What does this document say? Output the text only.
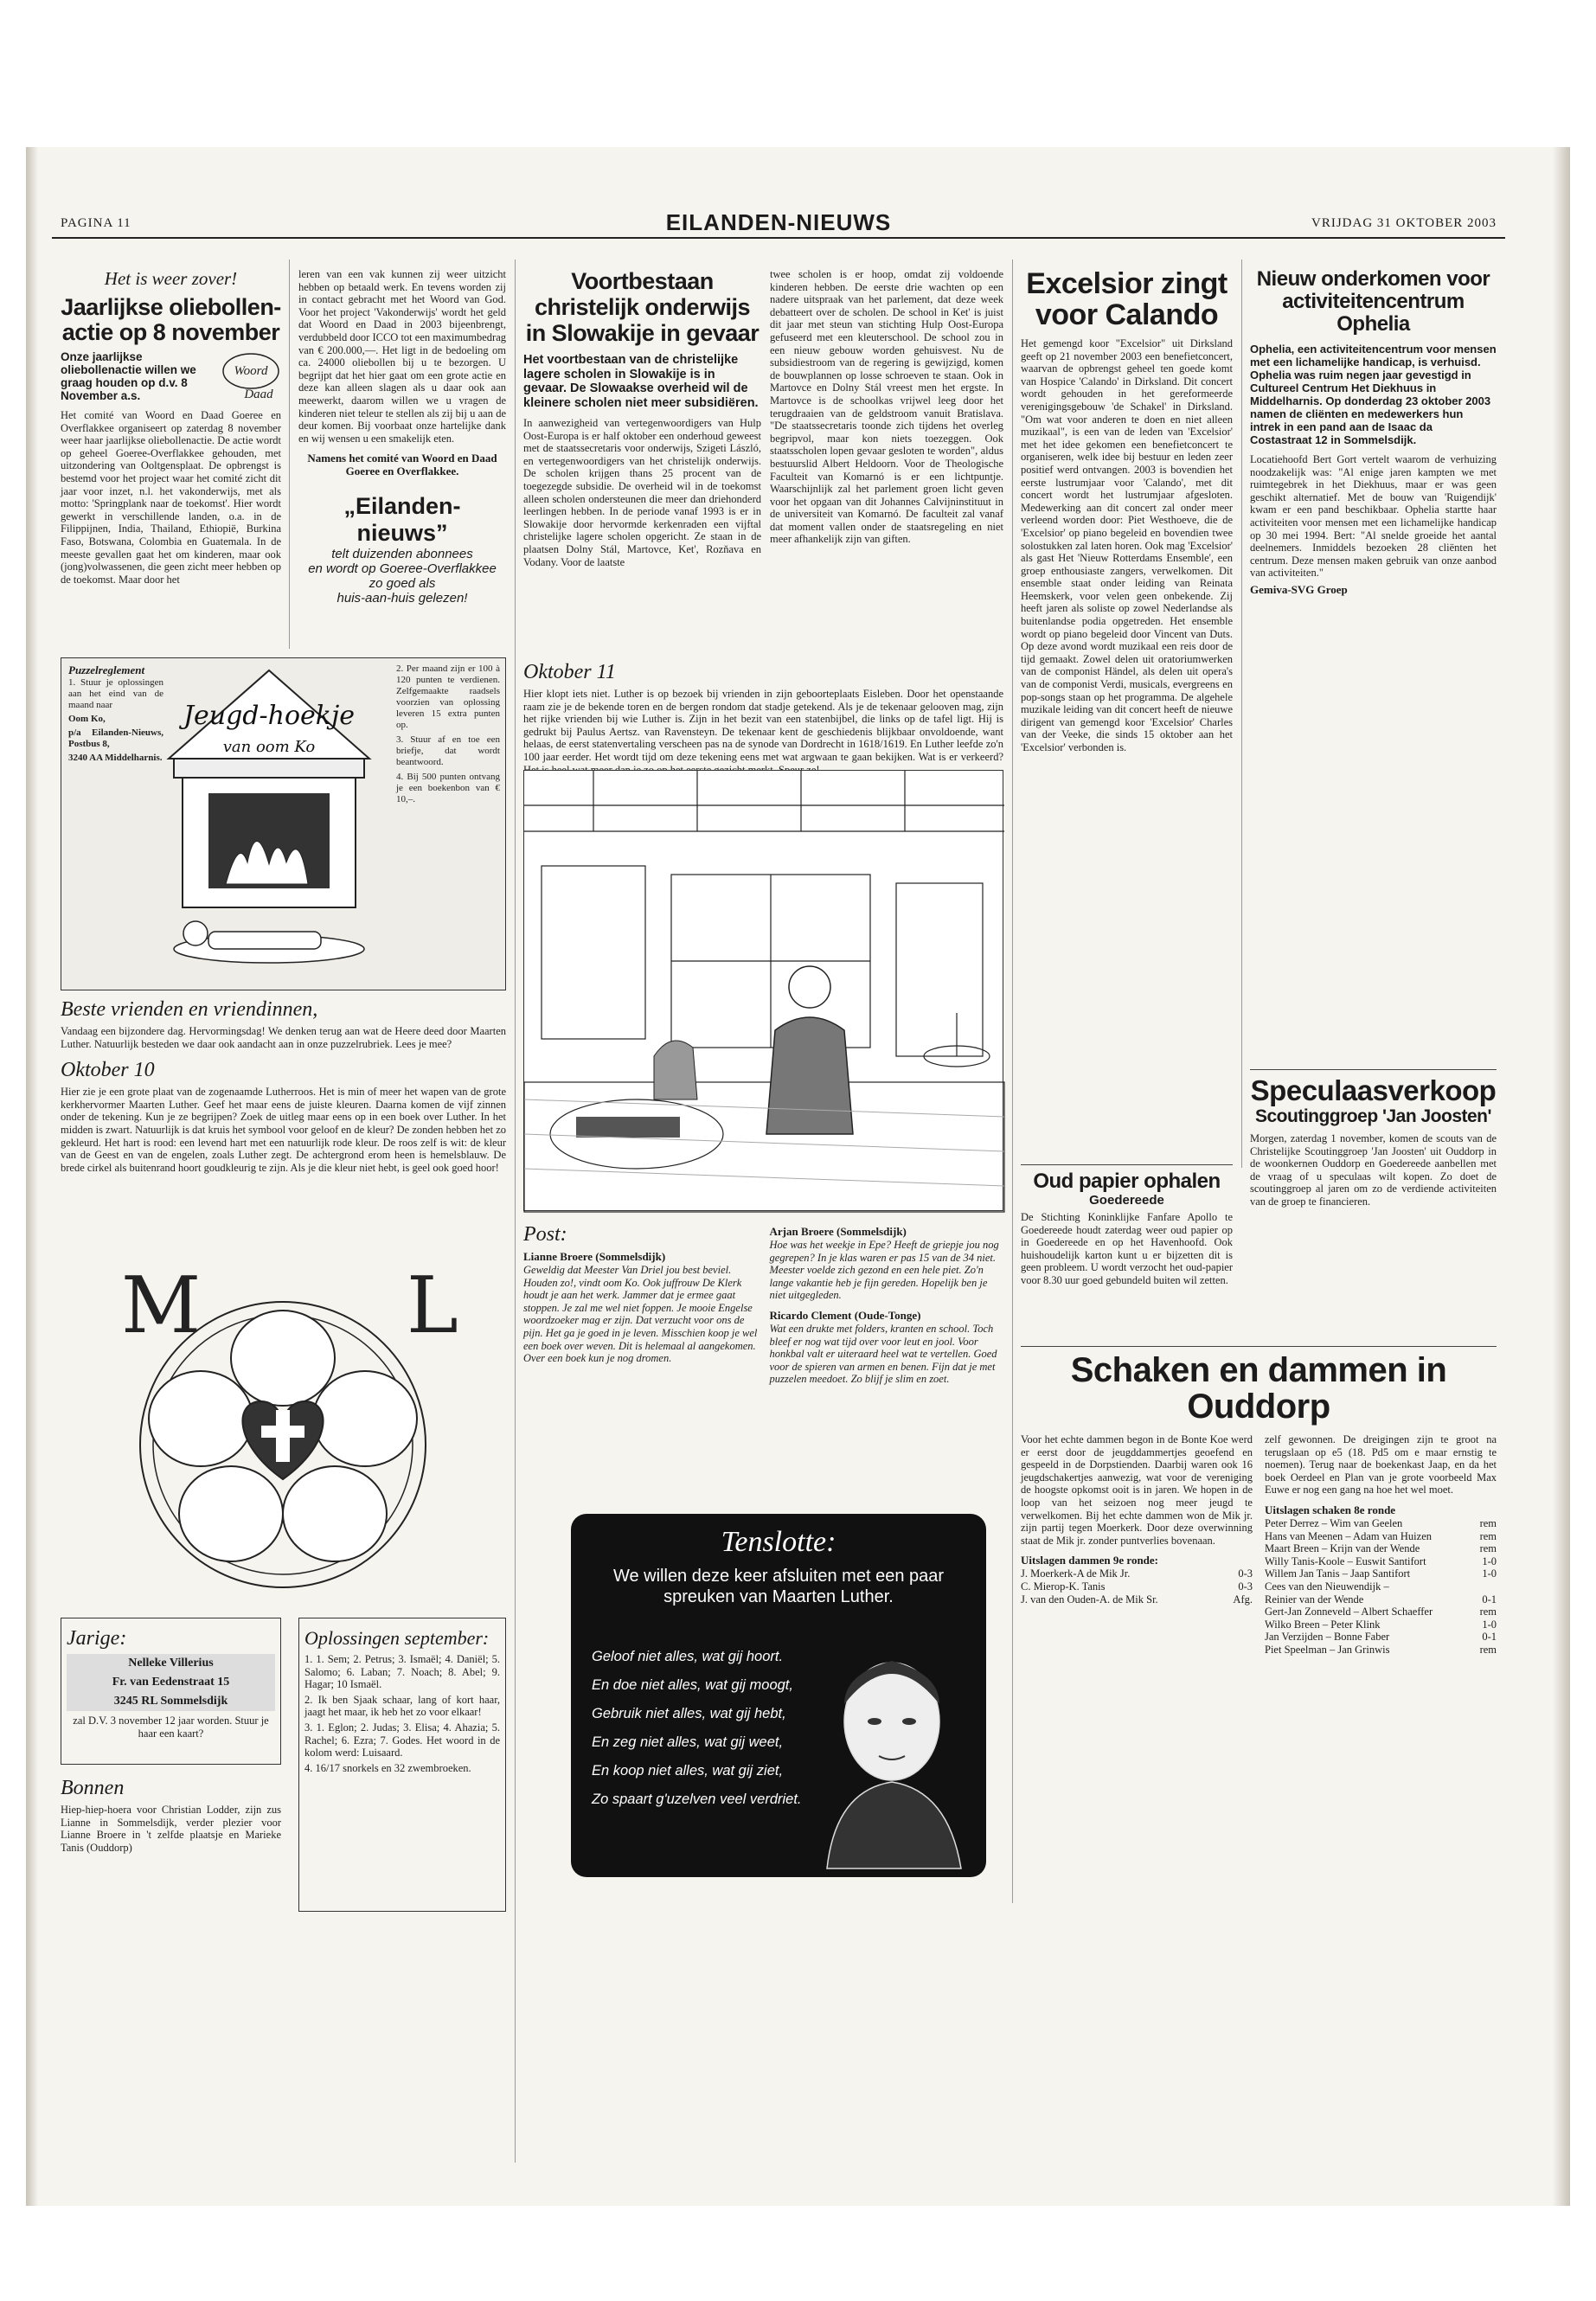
PAGINA 11	EILANDEN-NIEUWS	VRIJDAG 31 OKTOBER 2003
Het is weer zover!
Jaarlijkse oliebollen-actie op 8 november
Onze jaarlijkse oliebollenactie willen we graag houden op d.v. 8 November a.s.
Woord
Daad
Het comité van Woord en Daad Goeree en Overflakkee organiseert op zaterdag 8 november weer haar jaarlijkse oliebollenactie. De actie wordt op geheel Goeree-Overflakkee gehouden, met uitzondering van Ooltgensplaat. De opbrengst is bestemd voor het project waar het comité zicht dit jaar voor inzet, n.l. het vakonderwijs, met als motto: 'Springplank naar de toekomst'. Hier wordt gewerkt in verschillende landen, o.a. in de Filippijnen, India, Thailand, Ethiopië, Burkina Faso, Botswana, Colombia en Guatemala. In de meeste gevallen gaat het om kinderen, maar ook (jong)volwassenen, die geen zicht meer hebben op de toekomst. Maar door het
leren van een vak kunnen zij weer uitzicht hebben op betaald werk. En tevens worden zij in contact gebracht met het Woord van God. Voor het project 'Vakonderwijs' wordt het geld dat Woord en Daad in 2003 bijeenbrengt, verdubbeld door ICCO tot een maximumbedrag van € 200.000,—. Het ligt in de bedoeling om ca. 24000 oliebollen bij u te bezorgen. U begrijpt dat het hier gaat om een grote actie en deze kan alleen slagen als u daar ook aan meewerkt, daarom willen we u vragen de kinderen niet teleur te stellen als zij bij u aan de deur komen. Bij voorbaat onze hartelijke dank en wij wensen u een smakelijk eten.
Namens het comité van Woord en Daad Goeree en Overflakkee.
„Eilanden-nieuws”
telt duizenden abonnees
en wordt op Goeree-Overflakkee
zo goed als
huis-aan-huis gelezen!
Voortbestaan christelijk onderwijs in Slowakije in gevaar
Het voortbestaan van de christelijke lagere scholen in Slowakije is in gevaar. De Slowaakse overheid wil de kleinere scholen niet meer subsidiëren.
In aanwezigheid van vertegenwoordigers van Hulp Oost-Europa is er half oktober een onderhoud geweest met de staatssecretaris voor onderwijs, Szigeti László, en vertegenwoordigers van het christelijk onderwijs. De scholen krijgen thans 25 procent van de toegezegde subsidie. De overheid wil in de toekomst alleen scholen ondersteunen die meer dan driehonderd leerlingen hebben. In de periode vanaf 1993 is er in Slowakije door hervormde kerkenraden een vijftal christelijke lagere scholen opgericht. Ze staan in de plaatsen Dolny Stál, Martovce, Ket', Rozňava en Vodany. Voor de laatste
twee scholen is er hoop, omdat zij voldoende kinderen hebben. De eerste drie wachten op een nadere uitspraak van het parlement, dat deze week debatteert over de scholen. De school in Ket' is juist dit jaar met steun van stichting Hulp Oost-Europa gefuseerd met een kleuterschool. De school zou in een nieuw gebouw worden gehuisvest. Nu de subsidiestroom van de regering is gewijzigd, komen de bouwplannen op losse schroeven te staan. Ook in Martovce en Dolny Stál vreest men het ergste. In Martovce is de schoolkas vrijwel leeg door het terugdraaien van de geldstroom vanuit Bratislava. "De staatssecretaris toonde zich tijdens het overleg begripvol, maar kon niets toezeggen. Ook staatsscholen lopen gevaar gesloten te worden", aldus bestuurslid Albert Heldoorn. Voor de Theologische Faculteit van Komarnó is er een lichtpuntje. Waarschijnlijk zal het parlement groen licht geven voor het opgaan van dit Johannes Calvijninstituut in de universiteit van Komarnó. De faculteit zal vanaf dat moment vallen onder de staatsregeling en niet meer afhankelijk zijn van giften.
Excelsior zingt voor Calando
Het gemengd koor "Excelsior" uit Dirksland geeft op 21 november 2003 een benefietconcert, waarvan de opbrengst geheel ten goede komt van Hospice 'Calando' in Dirksland. Dit concert wordt gehouden in het gereformeerde verenigingsgebouw 'de Schakel' in Dirksland. "Om wat voor anderen te doen en niet alleen muzikaal", is een van de leden van 'Excelsior' met het idee gekomen een benefietconcert te organiseren, welk idee bij bestuur en leden zeer positief werd ontvangen. 2003 is bovendien het eerste lustrumjaar voor 'Calando', met dit concert wordt het lustrumjaar afgesloten. Medewerking aan dit concert zal onder meer verleend worden door: Piet Westhoeve, die de 'Excelsior' op piano begeleid en bovendien twee solostukken zal laten horen. Ook mag 'Excelsior' als gast Het 'Nieuw Rotterdams Ensemble', een groep enthousiaste zangers, verwelkomen. Dit ensemble staat onder leiding van Reinata Heemskerk, voor velen geen onbekende. Zij heeft jaren als soliste op zowel Nederlandse als buitenlandse podia opgetreden. Het ensemble wordt op piano begeleid door Vincent van Duts. Op deze avond wordt muzikaal een reis door de tijd gemaakt. Zowel delen uit oratoriumwerken van de componist Händel, als delen uit opera's van de componist Verdi, musicals, evergreens en pop-songs staan op het programma. De algehele muzikale leiding van dit concert heeft de nieuwe dirigent van gemengd koor 'Excelsior' Charles van der Veeke, die sinds 15 oktober aan het 'Excelsior' verbonden is.
Nieuw onderkomen voor activiteitencentrum Ophelia
Ophelia, een activiteitencentrum voor mensen met een lichamelijke handicap, is verhuisd. Ophelia was ruim negen jaar gevestigd in Cultureel Centrum Het Diekhuus in Middelharnis. Op donderdag 23 oktober 2003 namen de cliënten en medewerkers hun intrek in een pand aan de Isaac da Costastraat 12 in Sommelsdijk.
Locatiehoofd Bert Gort vertelt waarom de verhuizing noodzakelijk was: "Al enige jaren kampten we met ruimtegebrek in het Diekhuus, maar er was geen geschikt alternatief. Met de bouw van 'Ruigendijk' kwam er een pand beschikbaar. Ophelia startte haar activiteiten voor mensen met een lichamelijke handicap op 30 mei 1994. Bert: "Al snelde groeide het aantal deelnemers. Inmiddels bezoeken 28 cliënten het centrum. Deze mensen maken gebruik van onze aanbod van activiteiten."
Gemiva-SVG Groep
Speculaasverkoop
Scoutinggroep 'Jan Joosten'
Morgen, zaterdag 1 november, komen de scouts van de Christelijke Scoutinggroep 'Jan Joosten' uit Ouddorp in de woonkernen Ouddorp en Goedereede aanbellen met de vraag of u speculaas wilt kopen. Zo doet de scoutinggroep al jaren om zo de verdiende activiteiten van de groep te financieren.
Oud papier ophalen
Goedereede
De Stichting Koninklijke Fanfare Apollo te Goedereede houdt zaterdag weer oud papier op in Goedereede en op het Havenhoofd. Ook huishoudelijk karton kunt u er bijzetten dit is geen probleem. U wordt verzocht het oud-papier voor 8.30 uur goed gebundeld buiten wil zetten.
Schaken en dammen in Ouddorp
Voor het echte dammen begon in de Bonte Koe werd er eerst door de jeugddammertjes geoefend en gespeeld in de Dorpstienden. Daarbij waren ook 16 jeugdschakertjes aanwezig, wat voor de vereniging de hoogste opkomst ooit is in jaren. We hopen in de loop van het seizoen nog meer jeugd te verwelkomen. Bij het echte dammen won de Mik jr. zijn partij tegen Moerkerk. Door deze overwinning staat de Mik jr. zonder puntverlies bovenaan.
Uitslagen dammen 9e ronde:
J. Moerkerk-A de Mik Jr.	0-3
C. Mierop-K. Tanis	0-3
J. van den Ouden-A. de Mik Sr.	Afg.
zelf gewonnen. De dreigingen zijn te groot na terugslaan op e5 (18. Pd5 om e maar ernstig te noemen). Terug naar de boekenkast Jaap, en da het boek Oerdeel en Plan van je grote voorbeeld Max Euwe er nog een gang na hoe het wel moet.
Uitslagen schaken 8e ronde
Peter Derrez – Wim van Geelen	rem
Hans van Meenen – Adam van Huizen	rem
Maart Breen – Krijn van der Wende	rem
Willy Tanis-Koole – Euswit Santifort	1-0
Willem Jan Tanis – Jaap Santifort	1-0
Cees van den Nieuwendijk –
Reinier van der Wende	0-1
Gert-Jan Zonneveld – Albert Schaeffer	rem
Wilko Breen – Peter Klink	1-0
Jan Verzijden – Bonne Faber	0-1
Piet Speelman – Jan Grinwis	rem
Puzzelreglement
1. Stuur je oplossingen aan het eind van de maand naar
Oom Ko,
p/a Eilanden-Nieuws, Postbus 8,
3240 AA Middelharnis.
2. Per maand zijn er 100 à 120 punten te verdienen. Zelfgemaakte raadsels voorzien van oplossing leveren 15 extra punten op.
3. Stuur af en toe een briefje, dat wordt beantwoord.
4. Bij 500 punten ontvang je een boekenbon van € 10,–.
Jeugd-hoekje
van oom Ko
Beste vrienden en vriendinnen,
Vandaag een bijzondere dag. Hervormingsdag! We denken terug aan wat de Heere deed door Maarten Luther. Natuurlijk besteden we daar ook aandacht aan in onze puzzelrubriek. Lees je mee?
Oktober 10
Hier zie je een grote plaat van de zogenaamde Lutherroos. Het is min of meer het wapen van de grote kerkhervormer Maarten Luther. Geef het maar eens de juiste kleuren. Daarna komen de vijf zinnen onder de tekening. Kun je ze begrijpen? Zoek de uitleg maar eens op in een boek over Luther. In het midden is zwart. Natuurlijk is dat kruis het symbool voor geloof en de kleur? De zonden hebben het zo gekleurd. Het hart is rood: een levend hart met een natuurlijk rode kleur. De roos zelf is wit: de kleur van de Geest en van de engelen, zoals Luther zegt. De achtergrond erom heen is hemelsblauw. De brede cirkel als buitenrand hoort goudkleurig te zijn. Als je die kleur niet hebt, is geel ook goed hoor!
M	L
Oktober 11
Hier klopt iets niet. Luther is op bezoek bij vrienden in zijn geboorteplaats Eisleben. Door het openstaande raam zie je de bekende toren en de bergen rondom dat stadje getekend. Als je de tekenaar gelooven mag, zijn het rijke vrienden bij wie Luther is. Zijn in het bezit van een statenbijbel, die links op de tafel ligt. Hij is gedrukt bij Paulus Aertsz. van Ravensteyn. De tekenaar kent de geschiedenis blijkbaar onvoldoende, want helaas, de eerst statenvertaling verscheen pas na de synode van Dordrecht in 1618/1619. En Luther leefde zo'n 100 jaar eerder. Het wordt tijd om deze tekening eens met wat argwaan te gaan bekijken. Wat is er verkeerd?
Post:
Lianne Broere (Sommelsdijk)
Geweldig dat Meester Van Driel jou best beviel. Houden zo!, vindt oom Ko. Ook juffrouw De Klerk houdt je aan het werk. Jammer dat je ermee gaat stoppen. Je zal me wel niet foppen. Je mooie Engelse woordzoeker mag er zijn. Dat verzucht voor ons de pijn. Het ga je goed in je leven. Misschien koop je wel een boek over weven. Dit is helemaal al aangekomen. Over een boek kun je nog dromen.
Arjan Broere (Sommelsdijk)
Hoe was het weekje in Epe? Heeft de griepje jou nog gegrepen? In je klas waren er pas 15 van de 34 niet. Meester voelde zich gezond en een hele piet. Zo'n lange vakantie heb je fijn gereden. Hopelijk ben je niet uitgegleden.
Ricardo Clement (Oude-Tonge)
Wat een drukte met folders, kranten en school. Toch bleef er nog wat tijd over voor leut en jool. Voor honkbal valt er uiteraard heel wat te vertellen. Goed voor de spieren van armen en benen. Fijn dat je met puzzelen meedoet. Zo blijf je slim en zoet.
Tenslotte:
We willen deze keer afsluiten met een paar spreuken van Maarten Luther.
Geloof niet alles, wat gij hoort.
En doe niet alles, wat gij moogt,
Gebruik niet alles, wat gij hebt,
En zeg niet alles, wat gij weet,
En koop niet alles, wat gij ziet,
Zo spaart g'uzelven veel verdriet.
Jarige:
Nelleke Villerius
Fr. van Eedenstraat 15
3245 RL Sommelsdijk
zal D.V. 3 november 12 jaar worden. Stuur je haar een kaart?
Bonnen
Hiep-hiep-hoera voor Christian Lodder, zijn zus Lianne in Sommelsdijk, verder plezier voor Lianne Broere in 't zelfde plaatsje en Marieke Tanis (Ouddorp)
Oplossingen september:
1. 1. Sem; 2. Petrus; 3. Ismaël; 4. Daniël; 5. Salomo; 6. Laban; 7. Noach; 8. Abel; 9. Hagar; 10 Ismaël.
2. Ik ben Sjaak schaar, lang of kort haar, jaagt het maar, ik heb het zo voor elkaar!
3. 1. Eglon; 2. Judas; 3. Elisa; 4. Ahazia; 5. Rachel; 6. Ezra; 7. Godes. Het woord in de kolom werd: Luisaard.
4. 16/17 snorkels en 32 zwembroeken.
